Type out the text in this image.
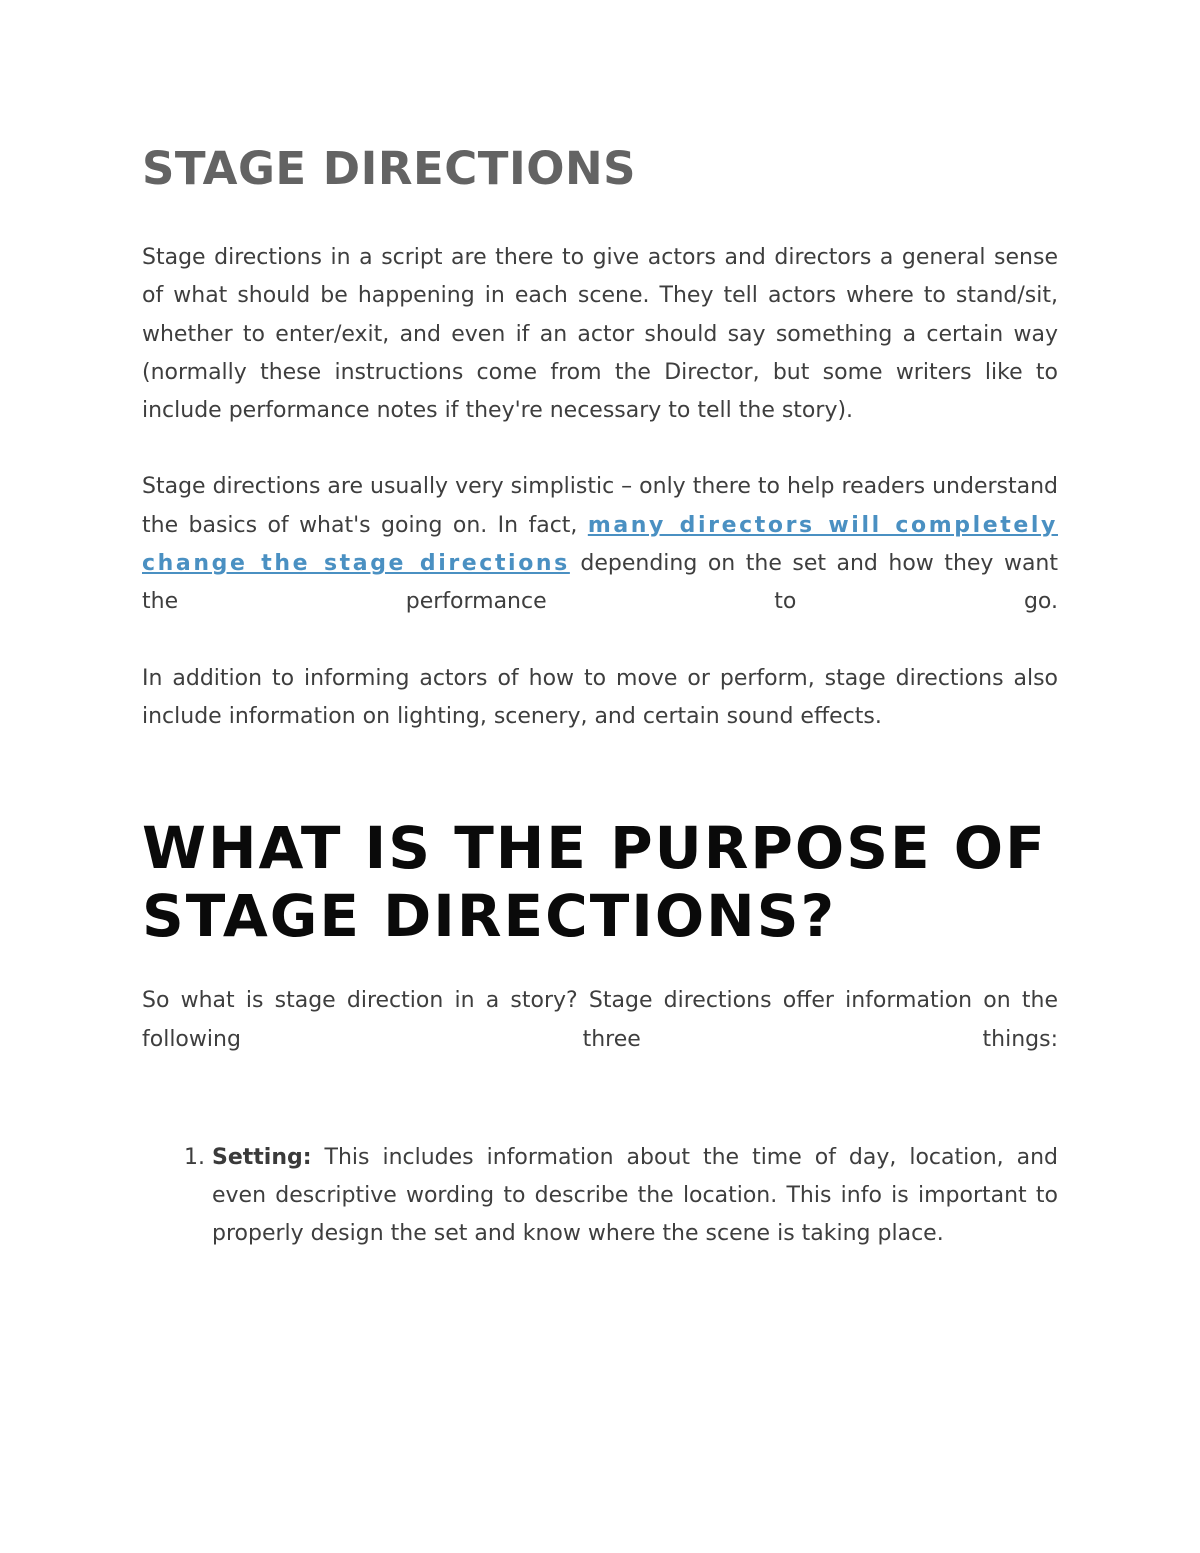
STAGE DIRECTIONS

Stage directions in a script are there to give actors and directors a general sense of what should be happening in each scene. They tell actors where to stand/sit, whether to enter/exit, and even if an actor should say something a certain way (normally these instructions come from the Director, but some writers like to include performance notes if they're necessary to tell the story).

Stage directions are usually very simplistic – only there to help readers understand the basics of what's going on. In fact, many directors will completely change the stage directions depending on the set and how they want the performance to go.

In addition to informing actors of how to move or perform, stage directions also include information on lighting, scenery, and certain sound effects.

WHAT IS THE PURPOSE OF STAGE DIRECTIONS?

So what is stage direction in a story? Stage directions offer information on the following three things:

1. Setting: This includes information about the time of day, location, and even descriptive wording to describe the location. This info is important to properly design the set and know where the scene is taking place.
